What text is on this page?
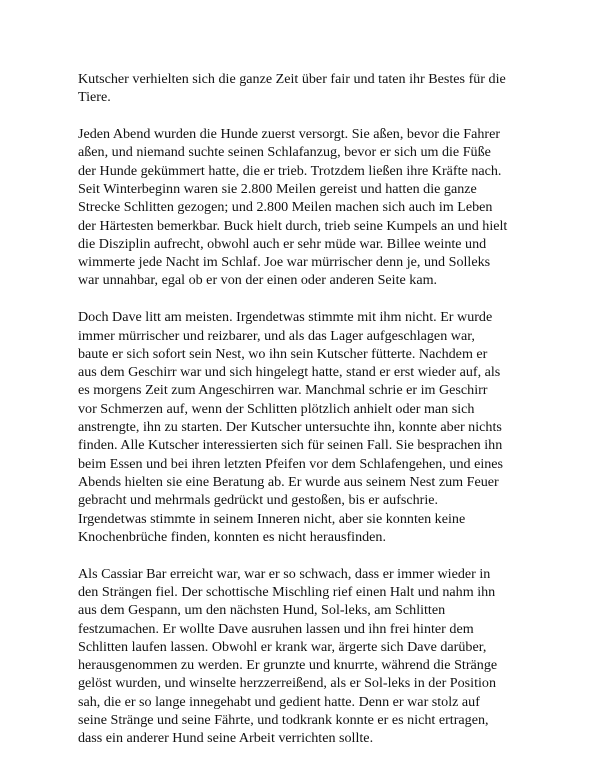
Kutscher verhielten sich die ganze Zeit über fair und taten ihr Bestes für die
Tiere.

Jeden Abend wurden die Hunde zuerst versorgt. Sie aßen, bevor die Fahrer
aßen, und niemand suchte seinen Schlafanzug, bevor er sich um die Füße
der Hunde gekümmert hatte, die er trieb. Trotzdem ließen ihre Kräfte nach.
Seit Winterbeginn waren sie 2.800 Meilen gereist und hatten die ganze
Strecke Schlitten gezogen; und 2.800 Meilen machen sich auch im Leben
der Härtesten bemerkbar. Buck hielt durch, trieb seine Kumpels an und hielt
die Disziplin aufrecht, obwohl auch er sehr müde war. Billee weinte und
wimmerte jede Nacht im Schlaf. Joe war mürrischer denn je, und Solleks
war unnahbar, egal ob er von der einen oder anderen Seite kam.

Doch Dave litt am meisten. Irgendetwas stimmte mit ihm nicht. Er wurde
immer mürrischer und reizbarer, und als das Lager aufgeschlagen war,
baute er sich sofort sein Nest, wo ihn sein Kutscher fütterte. Nachdem er
aus dem Geschirr war und sich hingelegt hatte, stand er erst wieder auf, als
es morgens Zeit zum Angeschirren war. Manchmal schrie er im Geschirr
vor Schmerzen auf, wenn der Schlitten plötzlich anhielt oder man sich
anstrengte, ihn zu starten. Der Kutscher untersuchte ihn, konnte aber nichts
finden. Alle Kutscher interessierten sich für seinen Fall. Sie besprachen ihn
beim Essen und bei ihren letzten Pfeifen vor dem Schlafengehen, und eines
Abends hielten sie eine Beratung ab. Er wurde aus seinem Nest zum Feuer
gebracht und mehrmals gedrückt und gestoßen, bis er aufschrie.
Irgendetwas stimmte in seinem Inneren nicht, aber sie konnten keine
Knochenbrüche finden, konnten es nicht herausfinden.

Als Cassiar Bar erreicht war, war er so schwach, dass er immer wieder in
den Strängen fiel. Der schottische Mischling rief einen Halt und nahm ihn
aus dem Gespann, um den nächsten Hund, Sol-leks, am Schlitten
festzumachen. Er wollte Dave ausruhen lassen und ihn frei hinter dem
Schlitten laufen lassen. Obwohl er krank war, ärgerte sich Dave darüber,
herausgenommen zu werden. Er grunzte und knurrte, während die Stränge
gelöst wurden, und winselte herzzerreißend, als er Sol-leks in der Position
sah, die er so lange innegehabt und gedient hatte. Denn er war stolz auf
seine Stränge und seine Fährte, und todkrank konnte er es nicht ertragen,
dass ein anderer Hund seine Arbeit verrichten sollte.
